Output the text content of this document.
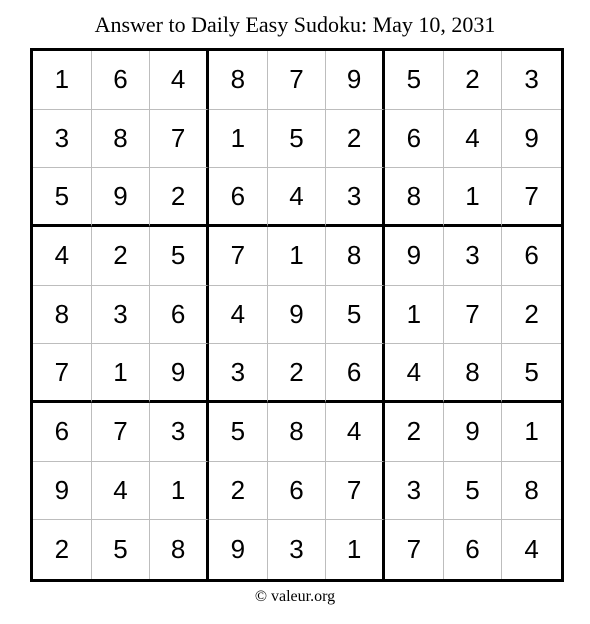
Answer to Daily Easy Sudoku: May 10, 2031
1	6	4	8	7	9	5	2	3
3	8	7	1	5	2	6	4	9
5	9	2	6	4	3	8	1	7
4	2	5	7	1	8	9	3	6
8	3	6	4	9	5	1	7	2
7	1	9	3	2	6	4	8	5
6	7	3	5	8	4	2	9	1
9	4	1	2	6	7	3	5	8
2	5	8	9	3	1	7	6	4
© valeur.org
